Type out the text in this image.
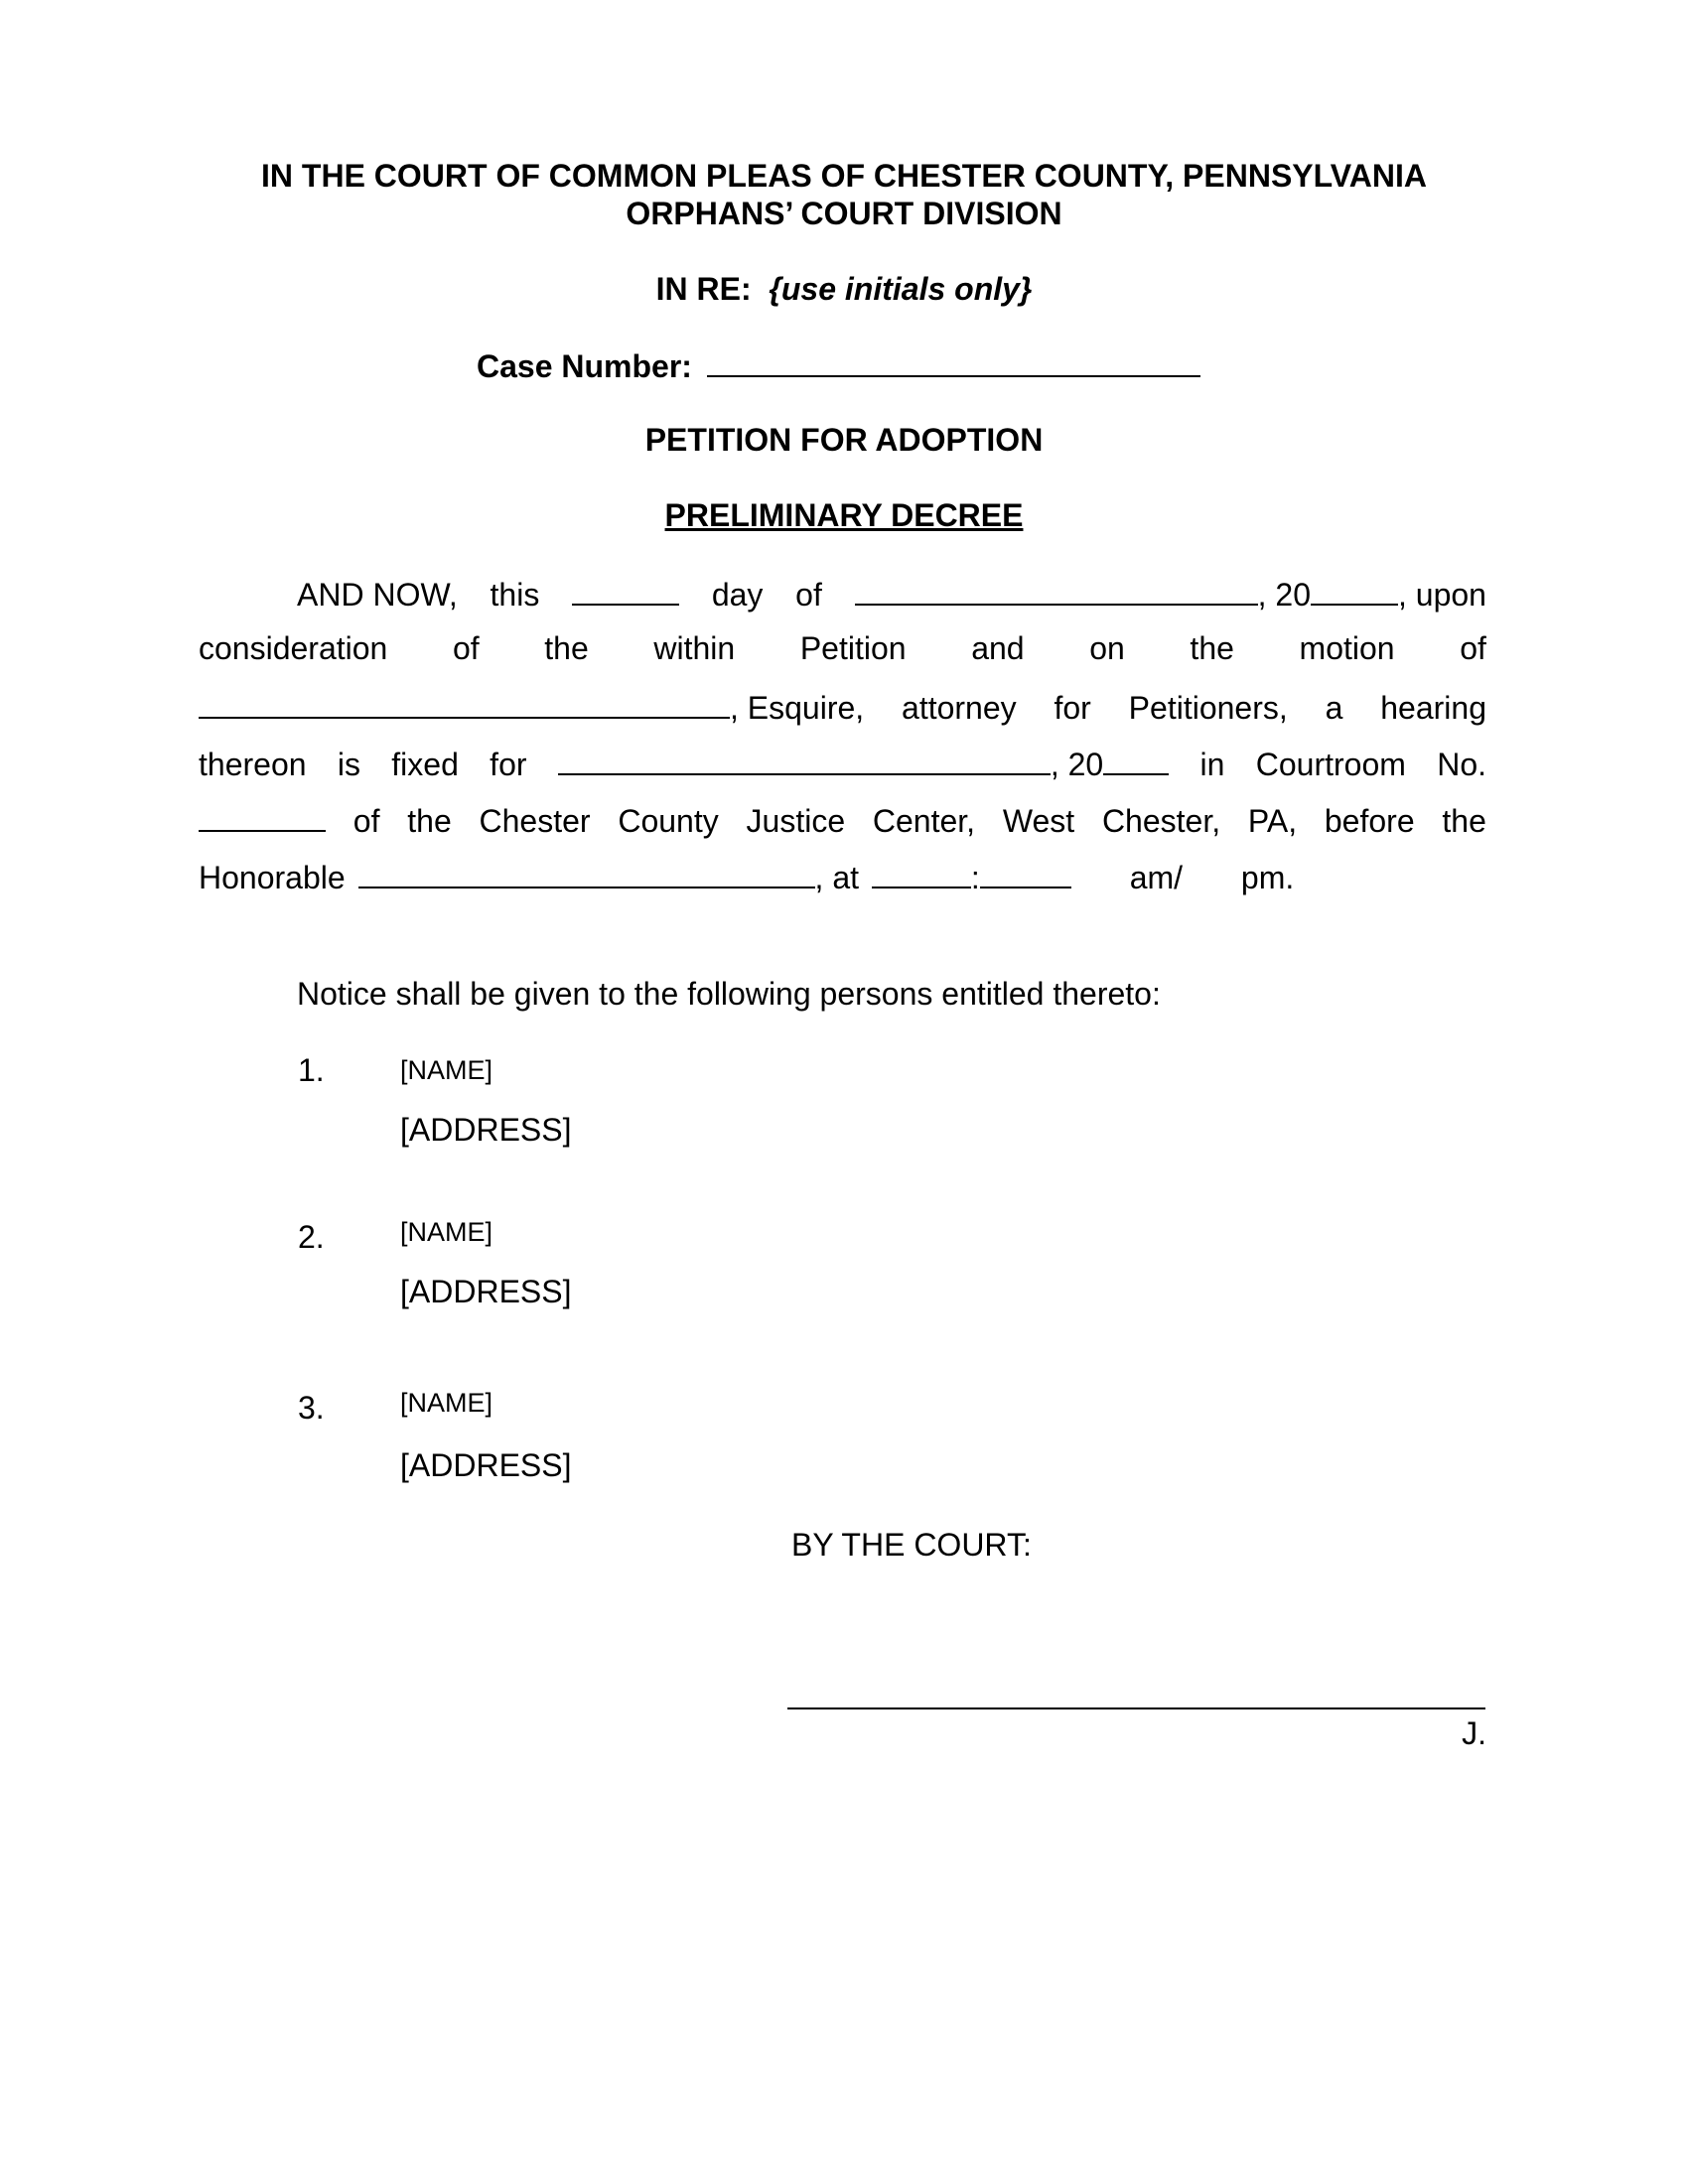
IN THE COURT OF COMMON PLEAS OF CHESTER COUNTY, PENNSYLVANIA
ORPHANS’ COURT DIVISION
IN RE: {use initials only}
Case Number:
PETITION FOR ADOPTION
PRELIMINARY DECREE
AND NOW, this	day of	, 20	, upon
consideration of the within Petition and on the motion of
, Esquire, attorney for Petitioners, a hearing
thereon is fixed for	, 20	in Courtroom No.
of the Chester County Justice Center, West Chester, PA, before the
Honorable	, at	:	am/ pm.
Notice shall be given to the following persons entitled thereto:
1.	[NAME]
[ADDRESS]
2.	[NAME]
[ADDRESS]
3.	[NAME]
[ADDRESS]
BY THE COURT:
J.
